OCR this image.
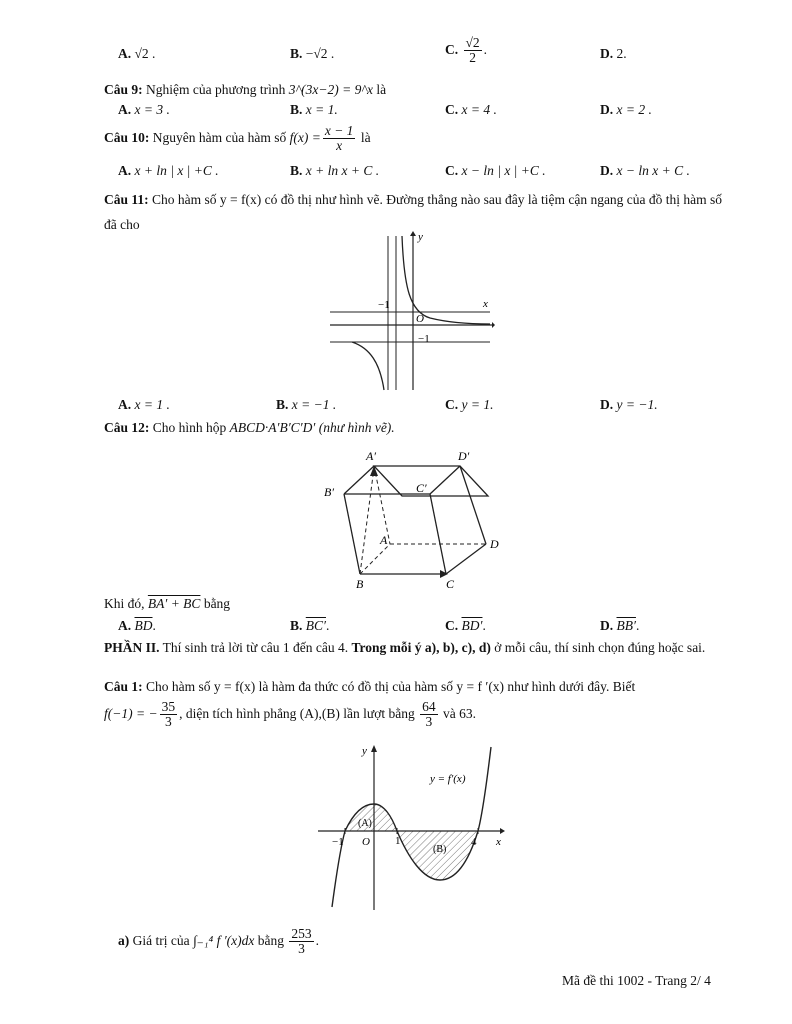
A. √2 .	B. −√2 .	C. $\frac{√2}{2}$ .	D. 2.
Câu 9: Nghiệm của phương trình 3^(3x−2) = 9^x là
A. x = 3 .	B. x = 1.	C. x = 4 .	D. x = 2 .
Câu 10: Nguyên hàm của hàm số $f(x) = \frac{x - 1}{x}$ là
A. x + ln | x | +C .	B. x + ln x + C .	C. x − ln | x | +C .	D. x − ln x + C .
Câu 11: Cho hàm số y = f(x) có đồ thị như hình vẽ. Đường thẳng nào sau đây là tiệm cận ngang của đồ thị hàm số đã cho
y
x
O
−1
−1
A. x = 1 .	B. x = −1 .	C. y = 1.	D. y = −1.
Câu 12: Cho hình hộp ABCD·A′B′C′D′ (như hình vẽ).
A′	D′
B′	C′
A	D
B	C
Khi đó, BA′ + BC bằng
A. $\overline{BD}$.	B. BC′.	C. BD′.	D. BB′.
PHẦN II. Thí sinh trả lời từ câu 1 đến câu 4. Trong mỗi ý a), b), c), d) ở mỗi câu, thí sinh chọn đúng hoặc sai.
Câu 1: Cho hàm số y = f(x) là hàm đa thức có đồ thị của hàm số y = f ′(x) như hình dưới đây. Biết
f(−1) = − $\frac{35}{3}$ , diện tích hình phẳng (A),(B) lần lượt bằng $\frac{64}{3}$ và 63.
y
x
O
−1	1	4
y = f′(x)
(A)
(B)
a) Giá trị của ∫₋₁⁴ f ′(x)dx bằng $\frac{253}{3}$ .
Mã đề thi 1002 - Trang 2/ 4
